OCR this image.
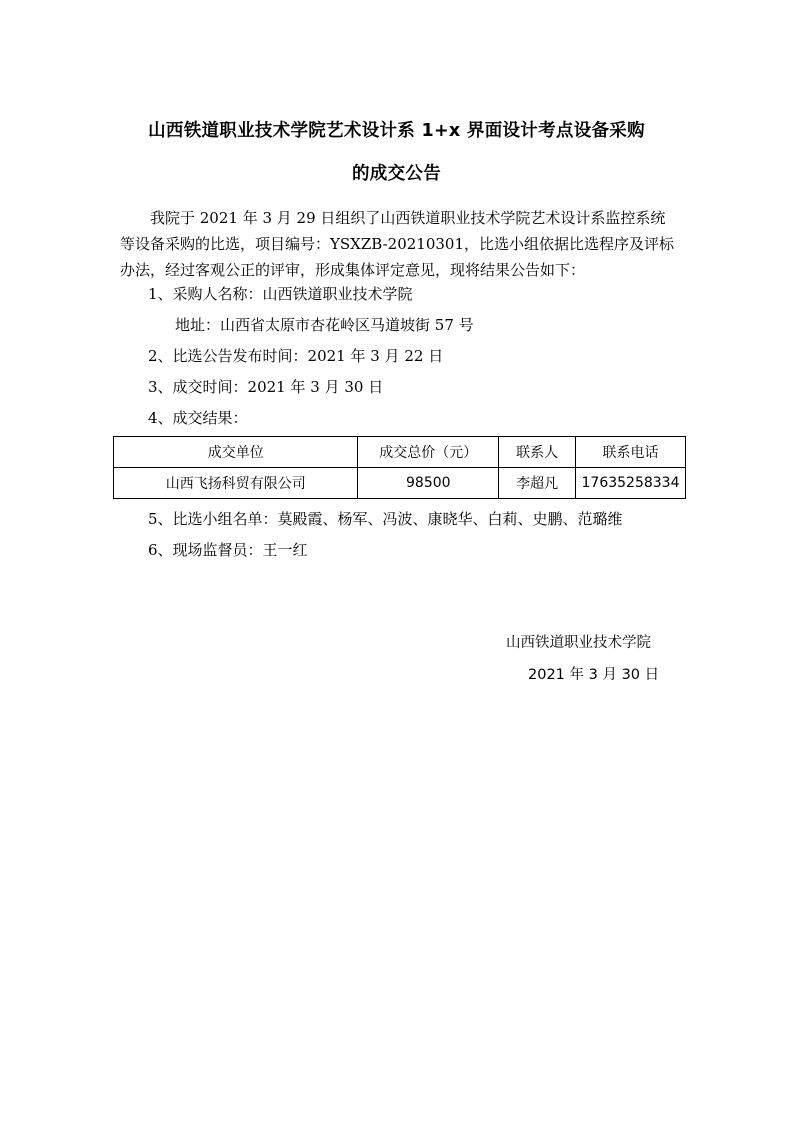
山西铁道职业技术学院艺术设计系 1+x 界面设计考点设备采购
的成交公告
我院于 2021 年 3 月 29 日组织了山西铁道职业技术学院艺术设计系监控系统等设备采购的比选，项目编号：YSXZB-20210301，比选小组依据比选程序及评标办法，经过客观公正的评审，形成集体评定意见，现将结果公告如下：
1、采购人名称：山西铁道职业技术学院
地址：山西省太原市杏花岭区马道坡街 57 号
2、比选公告发布时间：2021 年 3 月 22 日
3、成交时间：2021 年 3 月 30 日
4、成交结果：
成交单位	成交总价（元）	联系人	联系电话
山西飞扬科贸有限公司	98500	李超凡	17635258334
5、比选小组名单：莫殿霞、杨军、冯波、康晓华、白莉、史鹏、范璐维
6、现场监督员：王一红
山西铁道职业技术学院
2021 年 3 月 30 日
